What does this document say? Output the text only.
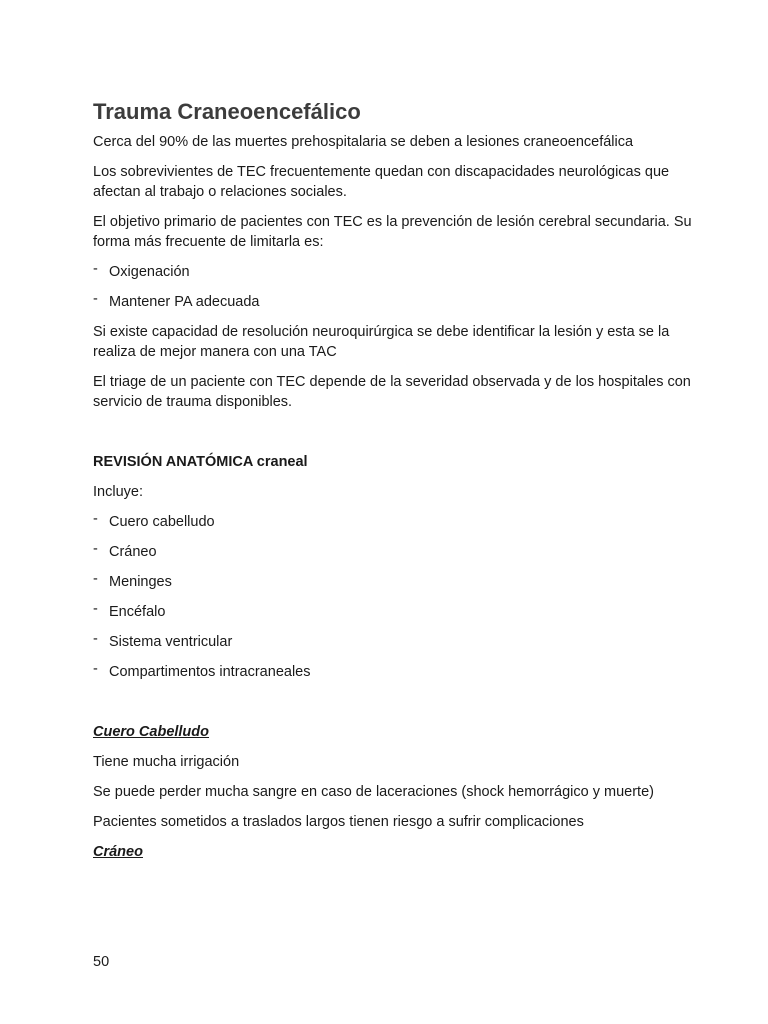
Trauma Craneoencefálico

Cerca del 90% de las muertes prehospitalaria se deben a lesiones craneoencefálica

Los sobrevivientes de TEC frecuentemente quedan con discapacidades neurológicas que afectan al trabajo o relaciones sociales.

El objetivo primario de pacientes con TEC es la prevención de lesión cerebral secundaria. Su forma más frecuente de limitarla es:

- Oxigenación
- Mantener PA adecuada

Si existe capacidad de resolución neuroquirúrgica se debe identificar la lesión y esta se la realiza de mejor manera con una TAC

El triage de un paciente con TEC depende de la severidad observada y de los hospitales con servicio de trauma disponibles.

REVISIÓN ANATÓMICA craneal

Incluye:

- Cuero cabelludo
- Cráneo
- Meninges
- Encéfalo
- Sistema ventricular
- Compartimentos intracraneales

Cuero Cabelludo

Tiene mucha irrigación

Se puede perder mucha sangre en caso de laceraciones (shock hemorrágico y muerte)

Pacientes sometidos a traslados largos tienen riesgo a sufrir complicaciones

Cráneo

50
